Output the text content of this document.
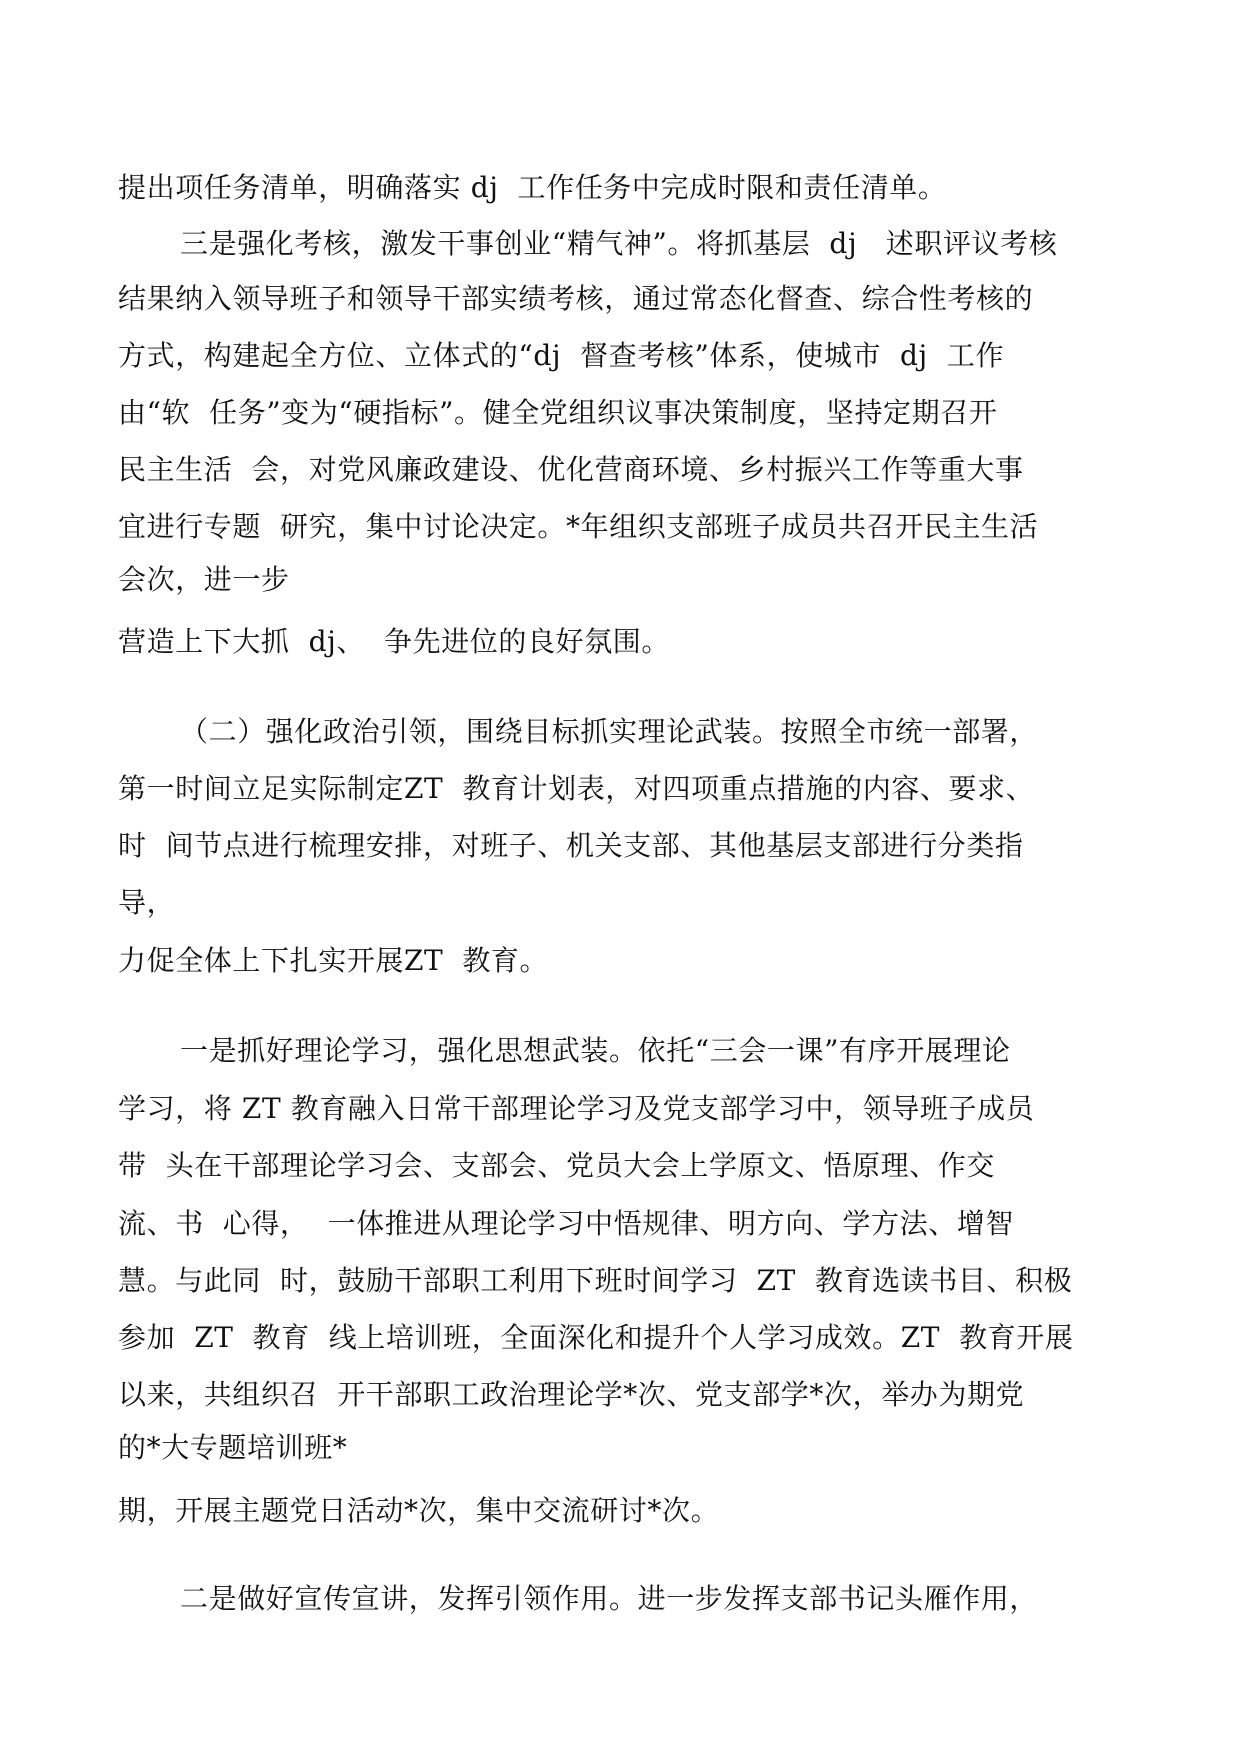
提出项任务清单，明确落实 dj  工作任务中完成时限和责任清单。
三是强化考核，激发干事创业“精气神”。将抓基层  dj   述职评议考核
结果纳入领导班子和领导干部实绩考核，通过常态化督查、综合性考核的
方式，构建起全方位、立体式的“dj  督查考核”体系，使城市  dj  工作
由“软  任务”变为“硬指标”。健全党组织议事决策制度，坚持定期召开
民主生活  会，对党风廉政建设、优化营商环境、乡村振兴工作等重大事
宜进行专题  研究，集中讨论决定。*年组织支部班子成员共召开民主生活
会次，进一步
营造上下大抓  dj、  争先进位的良好氛围。
（二）强化政治引领，围绕目标抓实理论武装。按照全市统一部署，
第一时间立足实际制定ZT  教育计划表，对四项重点措施的内容、要求、
时  间节点进行梳理安排，对班子、机关支部、其他基层支部进行分类指
导，
力促全体上下扎实开展ZT  教育。
一是抓好理论学习，强化思想武装。依托“三会一课”有序开展理论
学习，将 ZT 教育融入日常干部理论学习及党支部学习中，领导班子成员
带  头在干部理论学习会、支部会、党员大会上学原文、悟原理、作交
流、书  心得，  一体推进从理论学习中悟规律、明方向、学方法、增智
慧。与此同  时，鼓励干部职工利用下班时间学习  ZT  教育选读书目、积极
参加  ZT  教育  线上培训班，全面深化和提升个人学习成效。ZT  教育开展
以来，共组织召  开干部职工政治理论学*次、党支部学*次，举办为期党
的*大专题培训班*
期，开展主题党日活动*次，集中交流研讨*次。
二是做好宣传宣讲，发挥引领作用。进一步发挥支部书记头雁作用，
